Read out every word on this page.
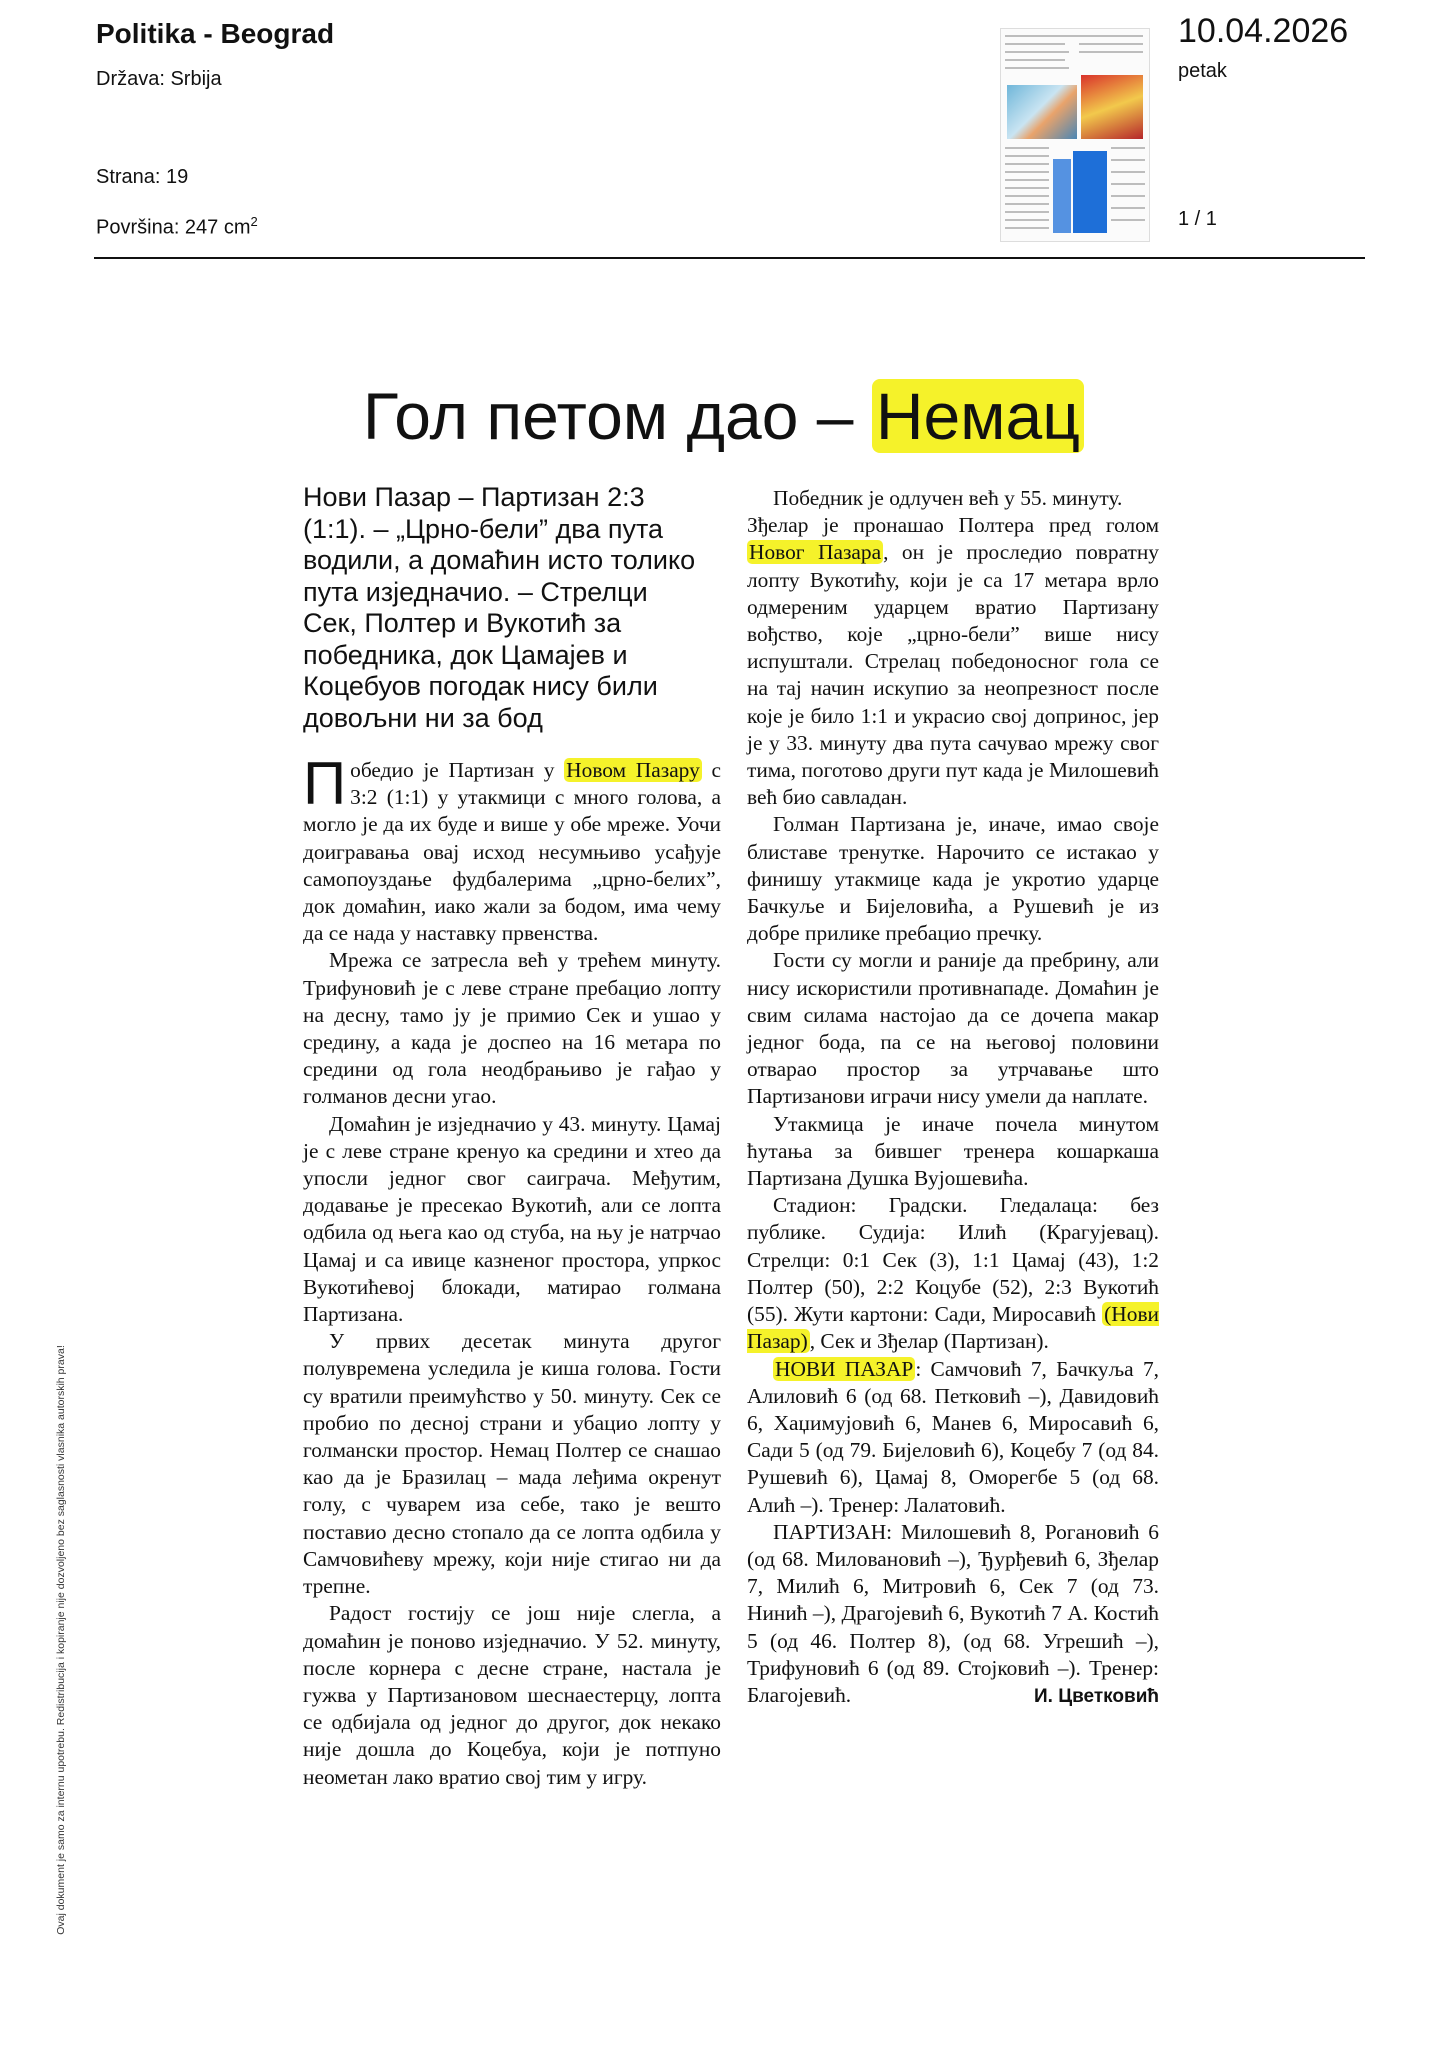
Politika - Beograd
Država: Srbija
Strana: 19
Površina: 247 $cm^2$
10.04.2026
petak
1 / 1
Ovaj dokument je samo za internu upotrebu. Redistribucija i kopiranje nije dozvoljeno bez saglasnosti vlasnika autorskih prava!
Гол петом дао – Немац
Нови Пазар – Партизан 2:3 (1:1). – „Црно-бели” два пута водили, а домаћин исто толико пута изједначио. – Стрелци Сек, Полтер и Вукотић за победника, док Цамајев и Коцебуов погодак нису били довољни ни за бод

Победио је Партизан у Новом Пазару с 3:2 (1:1) у утакмици с много голова, а могло је да их буде и више у обе мреже. Уочи доигравања овај исход несумњиво усађује самопоуздање фудбалерима „црно-белих”, док домаћин, иако жали за бодом, има чему да се нада у наставку првенства.

Мрежа се затресла већ у трећем минуту. Трифуновић је с леве стране пребацио лопту на десну, тамо ју је примио Сек и ушао у средину, а када је доспео на 16 метара по средини од гола неодбрањиво је гађао у голманов десни угао.

Домаћин је изједначио у 43. минуту. Цамај је с леве стране кренуо ка средини и хтео да упосли једног свог саиграча. Међутим, додавање је пресекао Вукотић, али се лопта одбила од њега као од стуба, на њу је натрчао Цамај и са ивице казненог простора, упркос Вукотићевој блокади, матирао голмана Партизана.

У првих десетак минута другог полувремена уследила је киша голова. Гости су вратили преимућство у 50. минуту. Сек се пробио по десној страни и убацио лопту у голмански простор. Немац Полтер се снашао као да је Бразилац – мада леђима окренут голу, с чуварем иза себе, тако је вешто поставио десно стопало да се лопта одбила у Самчовићеву мрежу, који није стигао ни да трепне.

Радост гостију се још није слегла, а домаћин је поново изједначио. У 52. минуту, после корнера с десне стране, настала је гужва у Партизановом шеснаестерцу, лопта се одбијала од једног до другог, док некако није дошла до Коцебуа, који је потпуно неометан лако вратио свој тим у игру.

Победник је одлучен већ у 55. минуту.

Зђелар је пронашао Полтера пред голом Новог Пазара, он је проследио повратну лопту Вукотићу, који је са 17 метара врло одмереним ударцем вратио Партизану вођство, које „црно-бели” више нису испуштали. Стрелац победоносног гола се на тај начин искупио за неопрезност после које је било 1:1 и украсио свој допринос, јер је у 33. минуту два пута сачувао мрежу свог тима, поготово други пут када је Милошевић већ био савладан.

Голман Партизана је, иначе, имао своје блиставе тренутке. Нарочито се истакао у финишу утакмице када је укротио ударце Бачкуље и Бијеловића, а Рушевић је из добре прилике пребацио пречку.

Гости су могли и раније да пребрину, али нису искористили противнападе. Домаћин је свим силама настојао да се дочепа макар једног бода, па се на његовој половини отварао простор за утрчавање што Партизанови играчи нису умели да наплате.

Утакмица је иначе почела минутом ћутања за бившег тренера кошаркаша Партизана Душка Вујошевића.

Стадион: Градски. Гледалаца: без публике. Судија: Илић (Крагујевац). Стрелци: 0:1 Сек (3), 1:1 Цамај (43), 1:2 Полтер (50), 2:2 Коцубе (52), 2:3 Вукотић (55). Жути картони: Сади, Миросавић (Нови Пазар), Сек и Зђелар (Партизан).

НОВИ ПАЗАР: Самчовић 7, Бачкуља 7, Алиловић 6 (од 68. Петковић –), Давидовић 6, Хаџимујовић 6, Манев 6, Миросавић 6, Сади 5 (од 79. Бијеловић 6), Коцебу 7 (од 84. Рушевић 6), Цамај 8, Оморегбе 5 (од 68. Алић –). Тренер: Лалатовић.

ПАРТИЗАН: Милошевић 8, Рогановић 6 (од 68. Миловановић –), Ђурђевић 6, Зђелар 7, Милић 6, Митровић 6, Сек 7 (од 73. Нинић –), Драгојевић 6, Вукотић 7 А. Костић 5 (од 46. Полтер 8), (од 68. Угрешић –), Трифуновић 6 (од 89. Стојковић –). Тренер: Благојевић.	И. Цветковић
